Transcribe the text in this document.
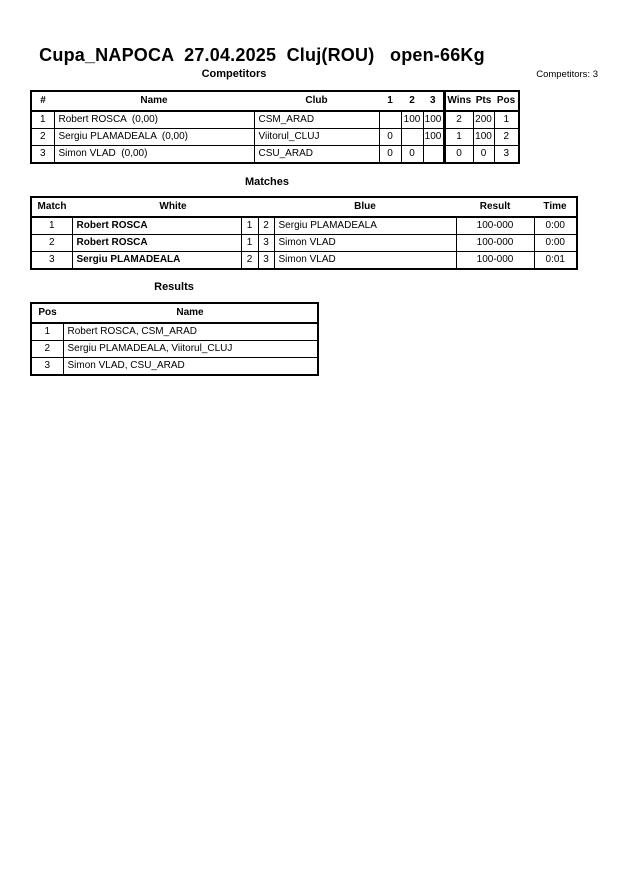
Cupa_NAPOCA  27.04.2025  Cluj(ROU)   open-66Kg
Competitors	Competitors: 3
#	Name	Club	1	2	3	Wins	Pts	Pos
1	Robert ROSCA  (0,00)	CSM_ARAD		100	100	2	200	1
2	Sergiu PLAMADEALA  (0,00)	Viitorul_CLUJ	0		100	1	100	2
3	Simon VLAD  (0,00)	CSU_ARAD	0	0		0	0	3
Matches
Match	White			Blue	Result	Time
1	Robert ROSCA	1	2	Sergiu PLAMADEALA	100-000	0:00
2	Robert ROSCA	1	3	Simon VLAD	100-000	0:00
3	Sergiu PLAMADEALA	2	3	Simon VLAD	100-000	0:01
Results
Pos	Name
1	Robert ROSCA, CSM_ARAD
2	Sergiu PLAMADEALA, Viitorul_CLUJ
3	Simon VLAD, CSU_ARAD
